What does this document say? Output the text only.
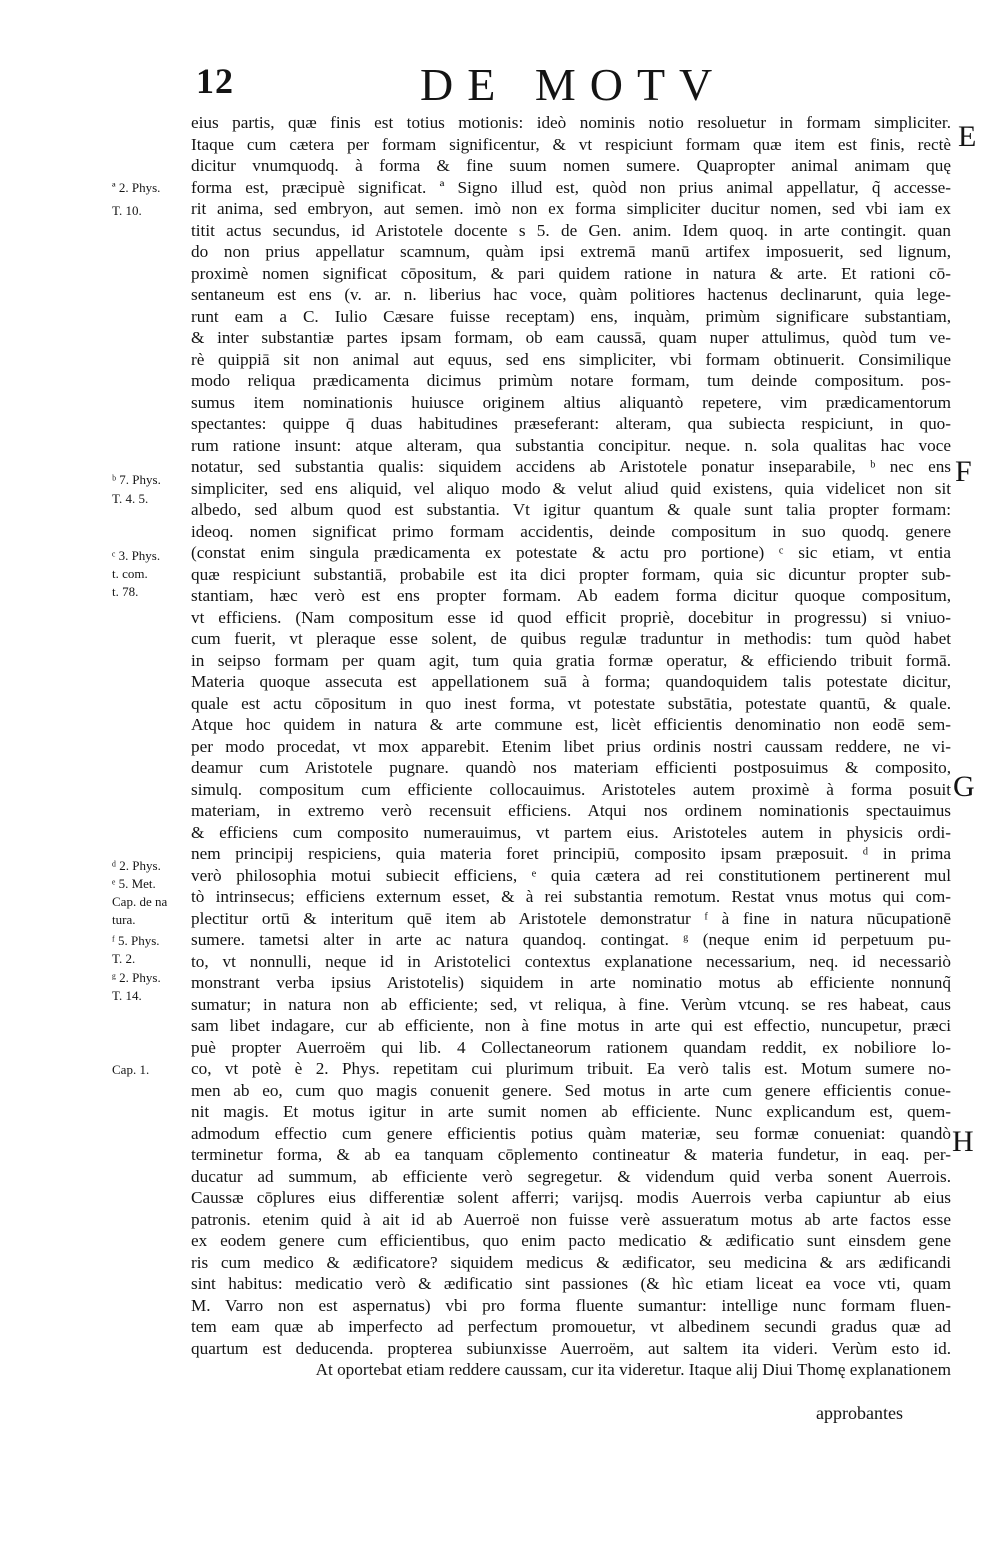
12	DE MOTV
eius partis, quæ finis est totius motionis: ideò nominis notio resoluetur in formam simpliciter.
Itaque cum cætera per formam significentur, & vt respiciunt formam quæ item est finis, rectè
dicitur vnumquodq. à forma & fine suum nomen sumere. Quapropter animal animam quę
forma est, præcipuè significat. ª Signo illud est, quòd non prius animal appellatur, q̃ accesse-
rit anima, sed embryon, aut semen. imò non ex forma simpliciter ducitur nomen, sed vbi iam ex
titit actus secundus, id Aristotele docente s 5. de Gen. anim. Idem quoq. in arte contingit. quan
do non prius appellatur scamnum, quàm ipsi extremā manū artifex imposuerit, sed lignum,
proximè nomen significat cōpositum, & pari quidem ratione in natura & arte. Et rationi cō-
sentaneum est ens (v. ar. n. liberius hac voce, quàm politiores hactenus declinarunt, quia lege-
runt eam a C. Iulio Cæsare fuisse receptam) ens, inquàm, primùm significare substantiam,
& inter substantiæ partes ipsam formam, ob eam caussā, quam nuper attulimus, quòd tum ve-
rè quippiā sit non animal aut equus, sed ens simpliciter, vbi formam obtinuerit. Consimilique
modo reliqua prædicamenta dicimus primùm notare formam, tum deinde compositum. pos-
sumus item nominationis huiusce originem altius aliquantò repetere, vim prædicamentorum
spectantes: quippe q̄ duas habitudines præseferant: alteram, qua subiecta respiciunt, in quo-
rum ratione insunt: atque alteram, qua substantia concipitur. neque. n. sola qualitas hac voce
notatur, sed substantia qualis: siquidem accidens ab Aristotele ponatur inseparabile, ᵇ nec ens
simpliciter, sed ens aliquid, vel aliquo modo & velut aliud quid existens, quia videlicet non sit
albedo, sed album quod est substantia. Vt igitur quantum & quale sunt talia propter formam:
ideoq. nomen significat primo formam accidentis, deinde compositum in suo quodq. genere
(constat enim singula prædicamenta ex potestate & actu pro portione) ᶜ sic etiam, vt entia
quæ respiciunt substantiā, probabile est ita dici propter formam, quia sic dicuntur propter sub-
stantiam, hæc verò est ens propter formam. Ab eadem forma dicitur quoque compositum,
vt efficiens. (Nam compositum esse id quod efficit propriè, docebitur in progressu) si vniuo-
cum fuerit, vt pleraque esse solent, de quibus regulæ traduntur in methodis: tum quòd habet
in seipso formam per quam agit, tum quia gratia formæ operatur, & efficiendo tribuit formā.
Materia quoque assecuta est appellationem suā à forma; quandoquidem talis potestate dicitur,
quale est actu cōpositum in quo inest forma, vt potestate substātia, potestate quantū, & quale.
Atque hoc quidem in natura & arte commune est, licèt efficientis denominatio non eodē sem-
per modo procedat, vt mox apparebit. Etenim libet prius ordinis nostri caussam reddere, ne vi-
deamur cum Aristotele pugnare. quandò nos materiam efficienti postposuimus & composito,
simulq. compositum cum efficiente collocauimus. Aristoteles autem proximè à forma posuit
materiam, in extremo verò recensuit efficiens. Atqui nos ordinem nominationis spectauimus
& efficiens cum composito numerauimus, vt partem eius. Aristoteles autem in physicis ordi-
nem principij respiciens, quia materia foret principiū, composito ipsam præposuit. ᵈ in prima
verò philosophia motui subiecit efficiens, ᵉ quia cætera ad rei constitutionem pertinerent mul
tò intrinsecus; efficiens externum esset, & à rei substantia remotum. Restat vnus motus qui com-
plectitur ortū & interitum quē item ab Aristotele demonstratur ᶠ à fine in natura nūcupationē
sumere. tametsi alter in arte ac natura quandoq. contingat. ᵍ (neque enim id perpetuum pu-
to, vt nonnulli, neque id in Aristotelici contextus explanatione necessarium, neq. id necessariò
monstrant verba ipsius Aristotelis) siquidem in arte nominatio motus ab efficiente nonnunq̃
sumatur; in natura non ab efficiente; sed, vt reliqua, à fine. Verùm vtcunq. se res habeat, caus
sam libet indagare, cur ab efficiente, non à fine motus in arte qui est effectio, nuncupetur, præci
puè propter Auerroëm qui lib. 4 Collectaneorum rationem quandam reddit, ex nobiliore lo-
co, vt potè è 2. Phys. repetitam cui plurimum tribuit. Ea verò talis est. Motum sumere no-
men ab eo, cum quo magis conuenit genere. Sed motus in arte cum genere efficientis conue-
nit magis. Et motus igitur in arte sumit nomen ab efficiente. Nunc explicandum est, quem-
admodum effectio cum genere efficientis potius quàm materiæ, seu formæ conueniat: quandò
terminetur forma, & ab ea tanquam cōplemento contineatur & materia fundetur, in eaq. per-
ducatur ad summum, ab efficiente verò segregetur. & videndum quid verba sonent Auerrois.
Caussæ cōplures eius differentiæ solent afferri; varijsq. modis Auerrois verba capiuntur ab eius
patronis. etenim quid à ait id ab Auerroë non fuisse verè assueratum motus ab arte factos esse
ex eodem genere cum efficientibus, quo enim pacto medicatio & ædificatio sunt einsdem gene
ris cum medico & ædificatore? siquidem medicus & ædificator, seu medicina & ars ædificandi
sint habitus: medicatio verò & ædificatio sint passiones (& hìc etiam liceat ea voce vti, quam
M. Varro non est aspernatus) vbi pro forma fluente sumantur: intellige nunc formam fluen-
tem eam quæ ab imperfecto ad perfectum promouetur, vt albedinem secundi gradus quæ ad
quartum est deducenda. propterea subiunxisse Auerroëm, aut saltem ita videri. Verùm esto id.
At oportebat etiam reddere caussam, cur ita videretur. Itaque alij Diui Thomę explanationem
E
F
G
H
ª 2. Phys.
T. 10.
ᵇ 7. Phys.
T. 4. 5.
ᶜ 3. Phys.
t. com.
t. 78.
ᵈ 2. Phys.
ᵉ 5. Met.
Cap. de na
tura.
ᶠ 5. Phys.
T. 2.
ᵍ 2. Phys.
T. 14.
Cap. 1.
approbantes
